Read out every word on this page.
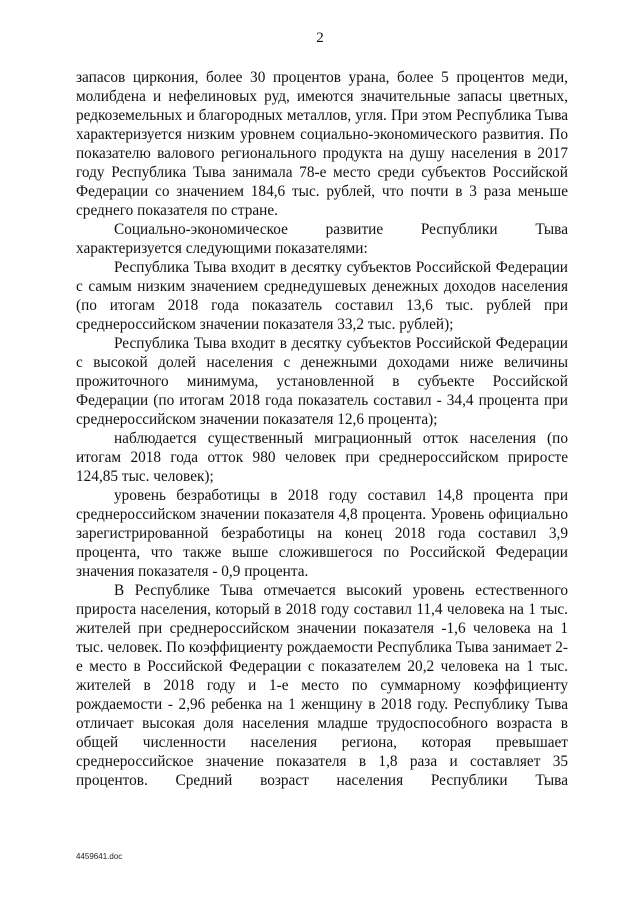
2

запасов циркония, более 30 процентов урана, более 5 процентов меди, молибдена и нефелиновых руд, имеются значительные запасы цветных, редкоземельных и благородных металлов, угля. При этом Республика Тыва характеризуется низким уровнем социально-экономического развития. По показателю валового регионального продукта на душу населения в 2017 году Республика Тыва занимала 78-е место среди субъектов Российской Федерации со значением 184,6 тыс. рублей, что почти в 3 раза меньше среднего показателя по стране.

Социально-экономическое развитие Республики Тыва характеризуется следующими показателями:

Республика Тыва входит в десятку субъектов Российской Федерации с самым низким значением среднедушевых денежных доходов населения (по итогам 2018 года показатель составил 13,6 тыс. рублей при среднероссийском значении показателя 33,2 тыс. рублей);

Республика Тыва входит в десятку субъектов Российской Федерации с высокой долей населения с денежными доходами ниже величины прожиточного минимума, установленной в субъекте Российской Федерации (по итогам 2018 года показатель составил - 34,4 процента при среднероссийском значении показателя 12,6 процента);

наблюдается существенный миграционный отток населения (по итогам 2018 года отток 980 человек при среднероссийском приросте 124,85 тыс. человек);

уровень безработицы в 2018 году составил 14,8 процента при среднероссийском значении показателя 4,8 процента. Уровень официально зарегистрированной безработицы на конец 2018 года составил 3,9 процента, что также выше сложившегося по Российской Федерации значения показателя - 0,9 процента.

В Республике Тыва отмечается высокий уровень естественного прироста населения, который в 2018 году составил 11,4 человека на 1 тыс. жителей при среднероссийском значении показателя -1,6 человека на 1 тыс. человек. По коэффициенту рождаемости Республика Тыва занимает 2-е место в Российской Федерации с показателем 20,2 человека на 1 тыс. жителей в 2018 году и 1-е место по суммарному коэффициенту рождаемости - 2,96 ребенка на 1 женщину в 2018 году. Республику Тыва отличает высокая доля населения младше трудоспособного возраста в общей численности населения региона, которая превышает среднероссийское значение показателя в 1,8 раза и составляет 35 процентов. Средний возраст населения Республики Тыва

4459641.doc
